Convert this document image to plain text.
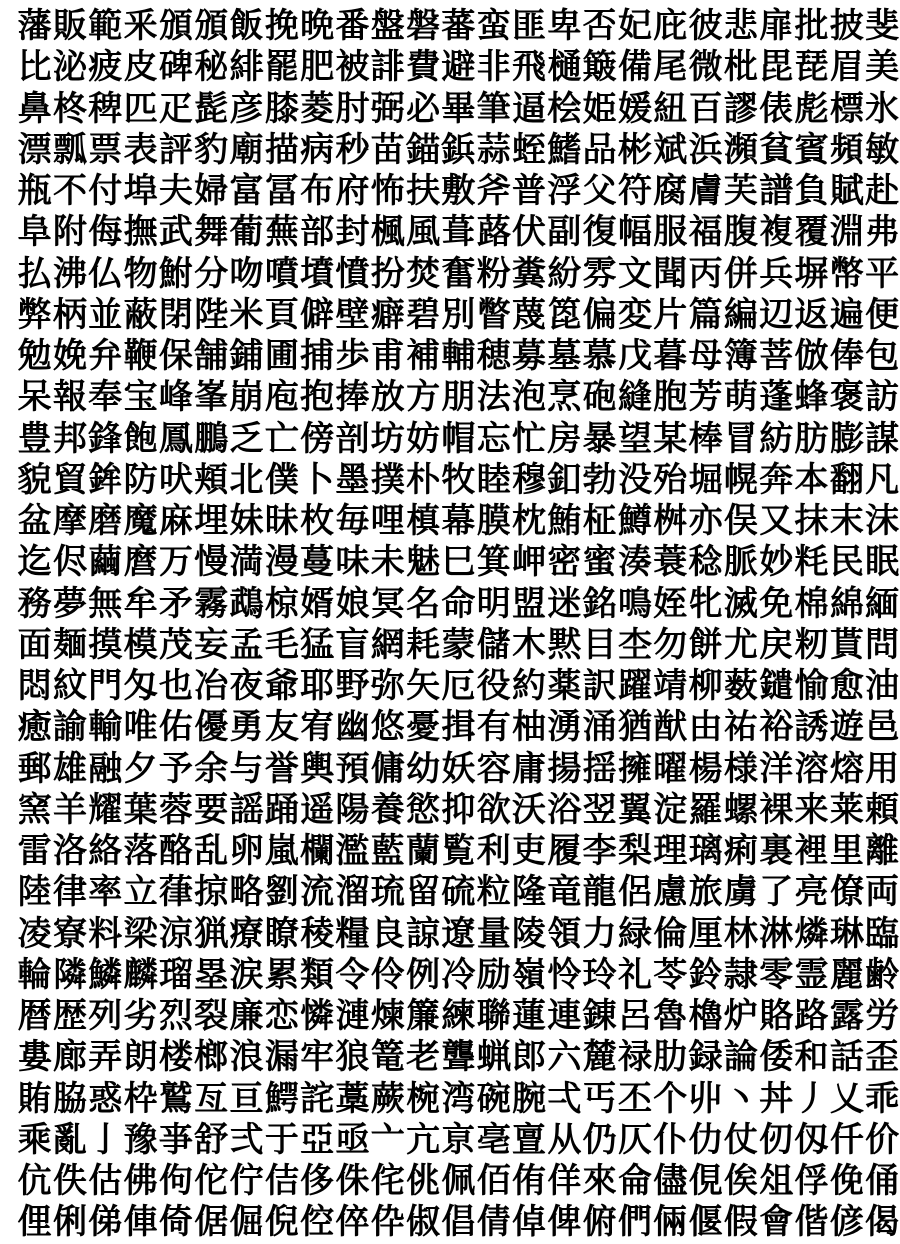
藩 販 範 釆 頒 頒 飯 挽 晩 番 盤 磐 蕃 蛮 匪 卑 否 妃 庇 彼 悲 扉 批 披 斐
比 泌 疲 皮 碑 秘 緋 罷 肥 被 誹 費 避 非 飛 樋 簸 備 尾 微 枇 毘 琵 眉 美
鼻 柊 稗 匹 疋 髭 彦 膝 菱 肘 弼 必 畢 筆 逼 桧 姫 媛 紐 百 謬 俵 彪 標 氷
漂 瓢 票 表 評 豹 廟 描 病 秒 苗 錨 鋲 蒜 蛭 鰭 品 彬 斌 浜 瀕 貧 賓 頻 敏
瓶 不 付 埠 夫 婦 富 冨 布 府 怖 扶 敷 斧 普 浮 父 符 腐 膚 芙 譜 負 賦 赴
阜 附 侮 撫 武 舞 葡 蕪 部 封 楓 風 葺 蕗 伏 副 復 幅 服 福 腹 複 覆 淵 弗
払 沸 仏 物 鮒 分 吻 噴 墳 憤 扮 焚 奮 粉 糞 紛 雰 文 聞 丙 併 兵 塀 幣 平
弊 柄 並 蔽 閉 陛 米 頁 僻 壁 癖 碧 別 瞥 蔑 箆 偏 変 片 篇 編 辺 返 遍 便
勉 娩 弁 鞭 保 舗 鋪 圃 捕 歩 甫 補 輔 穂 募 墓 慕 戊 暮 母 簿 菩 倣 俸 包
呆 報 奉 宝 峰 峯 崩 庖 抱 捧 放 方 朋 法 泡 烹 砲 縫 胞 芳 萌 蓬 蜂 褒 訪
豊 邦 鋒 飽 鳳 鵬 乏 亡 傍 剖 坊 妨 帽 忘 忙 房 暴 望 某 棒 冒 紡 肪 膨 謀
貌 貿 鉾 防 吠 頬 北 僕 卜 墨 撲 朴 牧 睦 穆 釦 勃 没 殆 堀 幌 奔 本 翻 凡
盆 摩 磨 魔 麻 埋 妹 昧 枚 毎 哩 槙 幕 膜 枕 鮪 柾 鱒 桝 亦 俣 又 抹 末 沫
迄 侭 繭 麿 万 慢 満 漫 蔓 味 未 魅 巳 箕 岬 密 蜜 湊 蓑 稔 脈 妙 粍 民 眠
務 夢 無 牟 矛 霧 鵡 椋 婿 娘 冥 名 命 明 盟 迷 銘 鳴 姪 牝 滅 免 棉 綿 緬
面 麺 摸 模 茂 妄 孟 毛 猛 盲 網 耗 蒙 儲 木 黙 目 杢 勿 餅 尤 戻 籾 貰 問
悶 紋 門 匁 也 冶 夜 爺 耶 野 弥 矢 厄 役 約 薬 訳 躍 靖 柳 薮 鑓 愉 愈 油
癒 諭 輸 唯 佑 優 勇 友 宥 幽 悠 憂 揖 有 柚 湧 涌 猶 猷 由 祐 裕 誘 遊 邑
郵 雄 融 夕 予 余 与 誉 輿 預 傭 幼 妖 容 庸 揚 揺 擁 曜 楊 様 洋 溶 熔 用
窯 羊 耀 葉 蓉 要 謡 踊 遥 陽 養 慾 抑 欲 沃 浴 翌 翼 淀 羅 螺 裸 来 莱 頼
雷 洛 絡 落 酪 乱 卵 嵐 欄 濫 藍 蘭 覧 利 吏 履 李 梨 理 璃 痢 裏 裡 里 離
陸 律 率 立 葎 掠 略 劉 流 溜 琉 留 硫 粒 隆 竜 龍 侶 慮 旅 虜 了 亮 僚 両
凌 寮 料 梁 涼 猟 療 瞭 稜 糧 良 諒 遼 量 陵 領 力 緑 倫 厘 林 淋 燐 琳 臨
輪 隣 鱗 麟 瑠 塁 涙 累 類 令 伶 例 冷 励 嶺 怜 玲 礼 苓 鈴 隷 零 霊 麗 齢
暦 歴 列 劣 烈 裂 廉 恋 憐 漣 煉 簾 練 聯 蓮 連 錬 呂 魯 櫓 炉 賂 路 露 労
婁 廊 弄 朗 楼 榔 浪 漏 牢 狼 篭 老 聾 蝋 郎 六 麓 禄 肋 録 論 倭 和 話 歪
賄 脇 惑 枠 鷲 亙 亘 鰐 詫 藁 蕨 椀 湾 碗 腕 弌 丐 丕 个 丱 丶 丼 丿 乂 乖
乘 亂 亅 豫 亊 舒 弍 于 亞 亟 亠 亢 亰 亳 亶 从 仍 仄 仆 仂 仗 仞 仭 仟 价
伉 佚 估 佛 佝 佗 佇 佶 侈 侏 侘 佻 佩 佰 侑 佯 來 侖 儘 俔 俟 俎 俘 俛 俑
俚 俐 俤 俥 倚 倨 倔 倪 倥 倅 伜 俶 倡 倩 倬 俾 俯 們 倆 偃 假 會 偕 偐 偈
